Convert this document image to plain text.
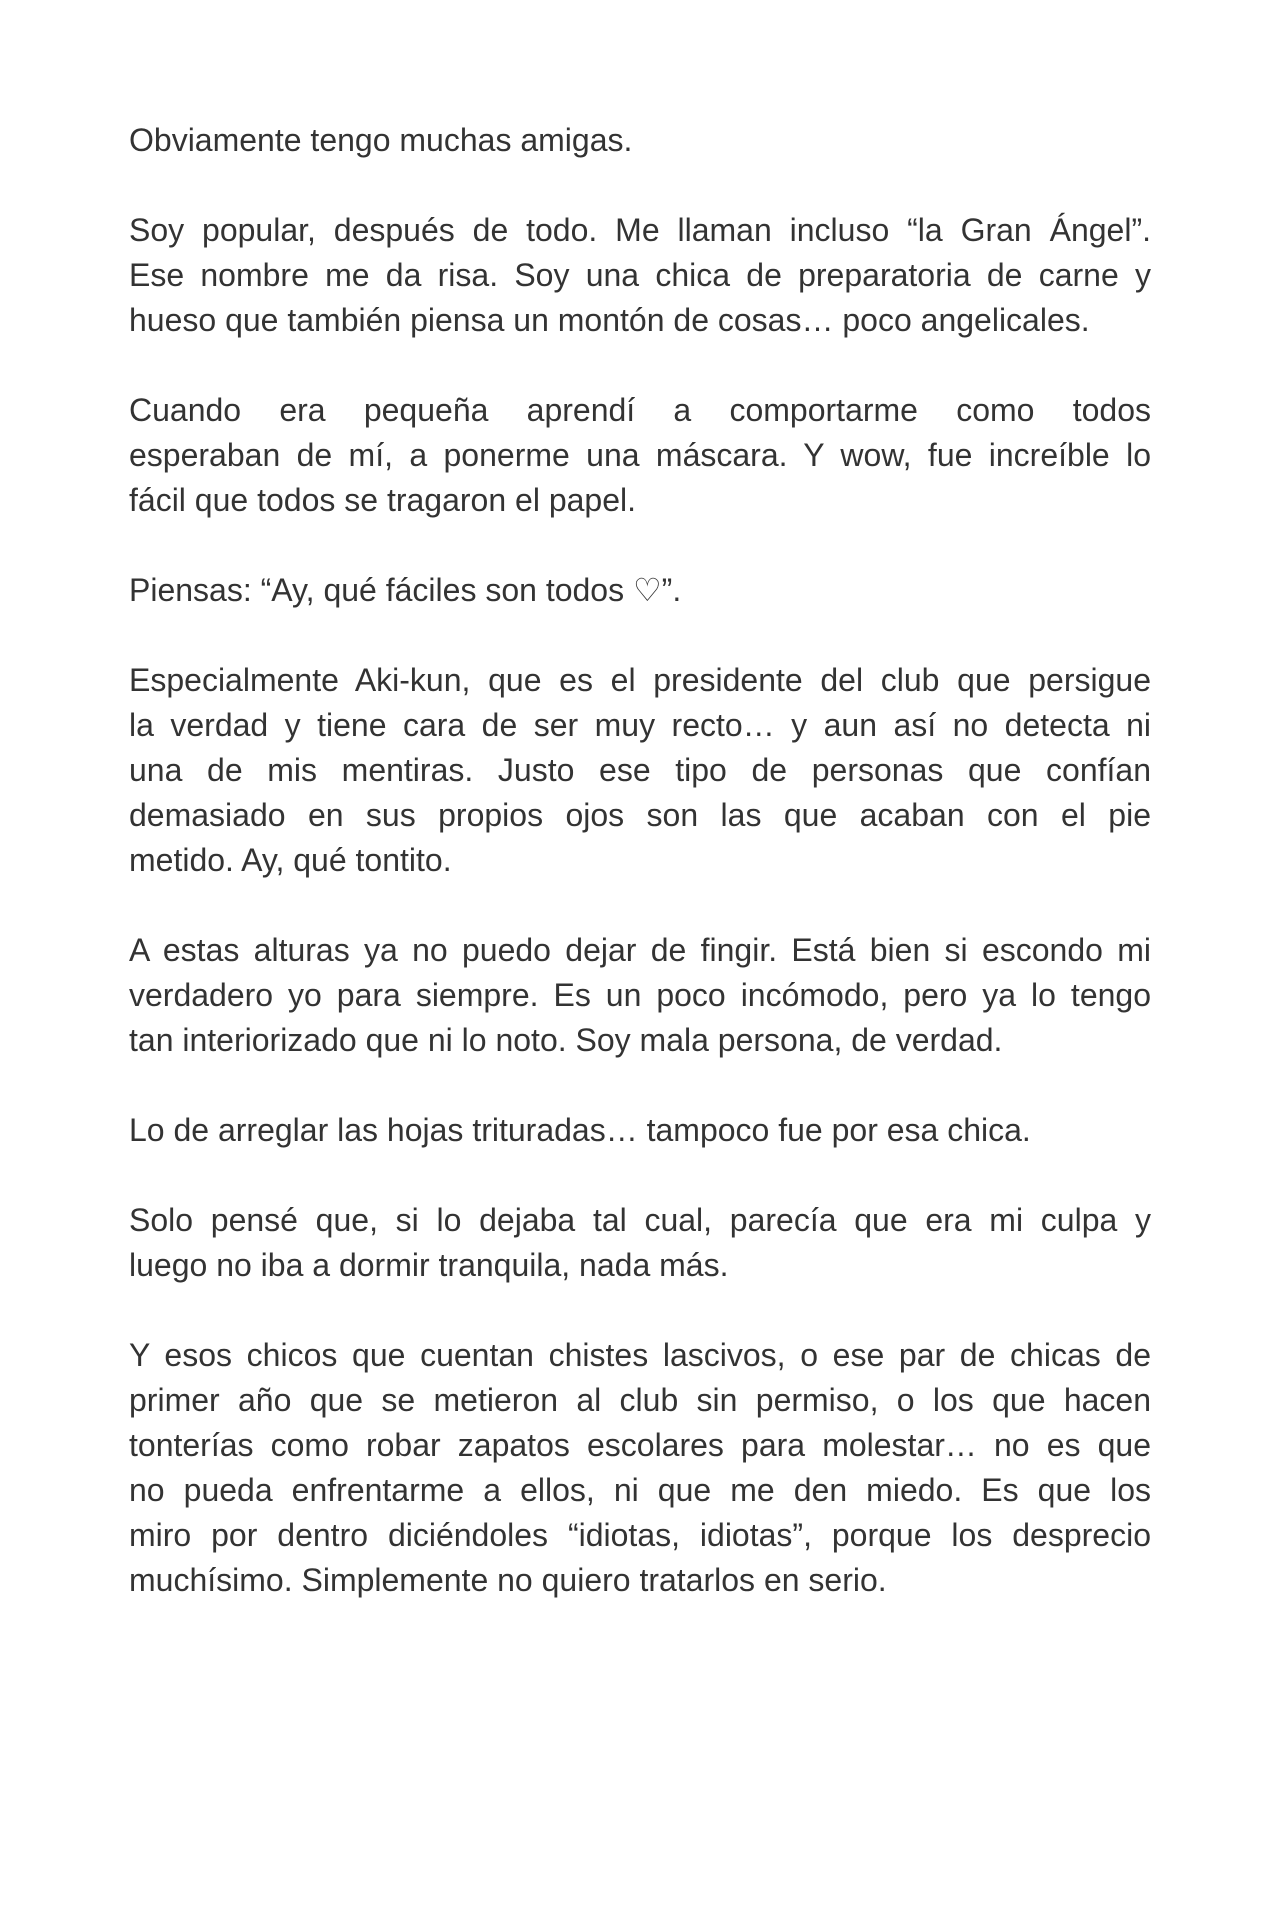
Obviamente tengo muchas amigas.

Soy popular, después de todo. Me llaman incluso “la Gran Ángel”.
Ese nombre me da risa. Soy una chica de preparatoria de carne y
hueso que también piensa un montón de cosas… poco angelicales.

Cuando era pequeña aprendí a comportarme como todos
esperaban de mí, a ponerme una máscara. Y wow, fue increíble lo
fácil que todos se tragaron el papel.

Piensas: “Ay, qué fáciles son todos ♡”.

Especialmente Aki-kun, que es el presidente del club que persigue
la verdad y tiene cara de ser muy recto… y aun así no detecta ni
una de mis mentiras. Justo ese tipo de personas que confían
demasiado en sus propios ojos son las que acaban con el pie
metido. Ay, qué tontito.

A estas alturas ya no puedo dejar de fingir. Está bien si escondo mi
verdadero yo para siempre. Es un poco incómodo, pero ya lo tengo
tan interiorizado que ni lo noto. Soy mala persona, de verdad.

Lo de arreglar las hojas trituradas… tampoco fue por esa chica.

Solo pensé que, si lo dejaba tal cual, parecía que era mi culpa y
luego no iba a dormir tranquila, nada más.

Y esos chicos que cuentan chistes lascivos, o ese par de chicas de
primer año que se metieron al club sin permiso, o los que hacen
tonterías como robar zapatos escolares para molestar… no es que
no pueda enfrentarme a ellos, ni que me den miedo. Es que los
miro por dentro diciéndoles “idiotas, idiotas”, porque los desprecio
muchísimo. Simplemente no quiero tratarlos en serio.
